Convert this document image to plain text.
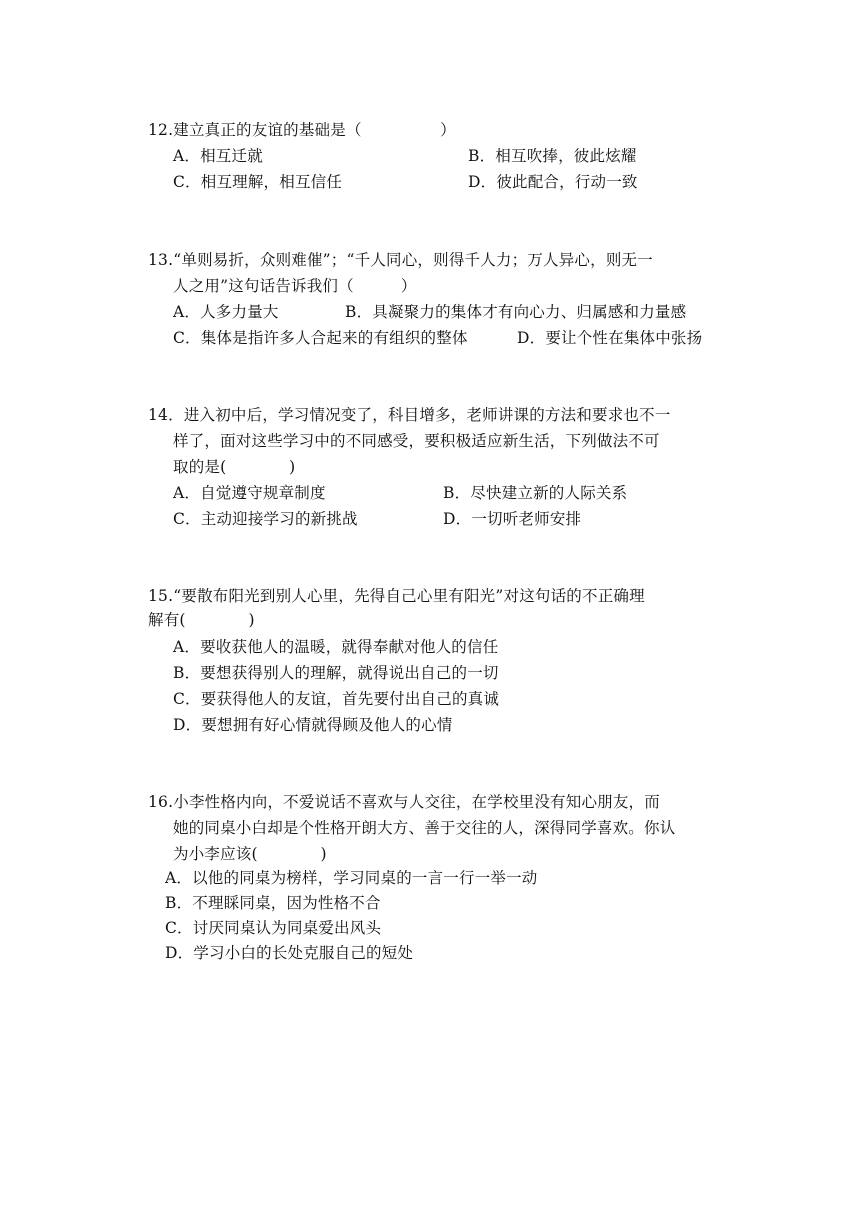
12.建立真正的友谊的基础是（　　　　　）
A．相互迁就	B．相互吹捧，彼此炫耀
C．相互理解，相互信任	D．彼此配合，行动一致
13.“单则易折，众则难催”；“千人同心，则得千人力；万人异心，则无一
人之用”这句话告诉我们（　　　）
A．人多力量大	B．具凝聚力的集体才有向心力、归属感和力量感
C．集体是指许多人合起来的有组织的整体	D．要让个性在集体中张扬
14．进入初中后，学习情况变了，科目增多，老师讲课的方法和要求也不一
样了，面对这些学习中的不同感受，要积极适应新生活，下列做法不可
取的是(　　　　)
A．自觉遵守规章制度	B．尽快建立新的人际关系
C．主动迎接学习的新挑战	D．一切听老师安排
15.“要散布阳光到别人心里，先得自己心里有阳光”对这句话的不正确理
解有(　　　　)
A．要收获他人的温暖，就得奉献对他人的信任
B．要想获得别人的理解，就得说出自己的一切
C．要获得他人的友谊，首先要付出自己的真诚
D．要想拥有好心情就得顾及他人的心情
16.小李性格内向，不爱说话不喜欢与人交往，在学校里没有知心朋友，而
她的同桌小白却是个性格开朗大方、善于交往的人，深得同学喜欢。你认
为小李应该(　　　　)
A．以他的同桌为榜样，学习同桌的一言一行一举一动
B．不理睬同桌，因为性格不合
C．讨厌同桌认为同桌爱出风头
D．学习小白的长处克服自己的短处
